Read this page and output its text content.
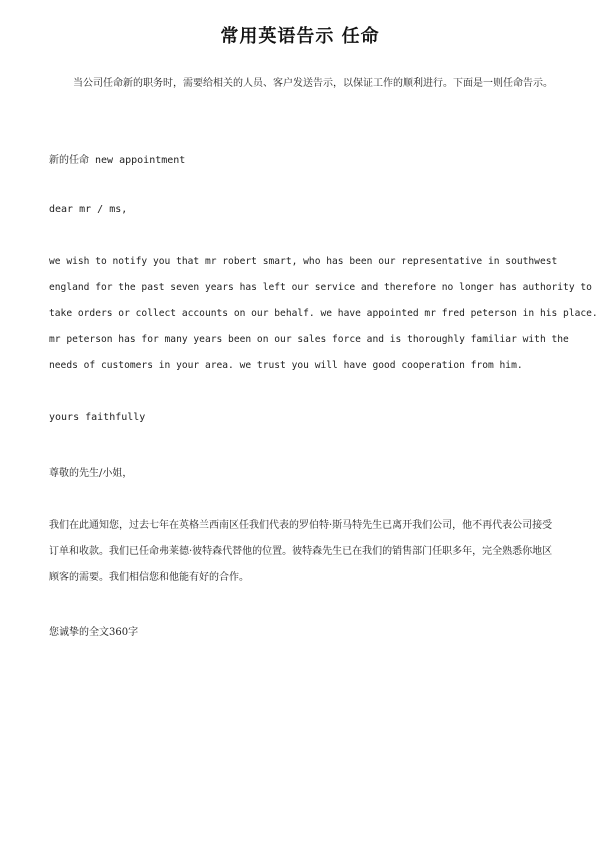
常用英语告示 任命
当公司任命新的职务时，需要给相关的人员、客户发送告示，以保证工作的顺利进行。下面是一则任命告示。
新的任命 new appointment
dear mr / ms,
we wish to notify you that mr robert smart, who has been our representative in southwest
england for the past seven years has left our service and therefore no longer has authority to
take orders or collect accounts on our behalf. we have appointed mr fred peterson in his place.
mr peterson has for many years been on our sales force and is thoroughly familiar with the
needs of customers in your area. we trust you will have good cooperation from him.
yours faithfully
尊敬的先生/小姐，
我们在此通知您，过去七年在英格兰西南区任我们代表的罗伯特·斯马特先生已离开我们公司，他不再代表公司接受订单和收款。我们已任命弗莱德·彼特森代替他的位置。彼特森先生已在我们的销售部门任职多年，完全熟悉你地区顾客的需要。我们相信您和他能有好的合作。
您诚挚的全文360字
